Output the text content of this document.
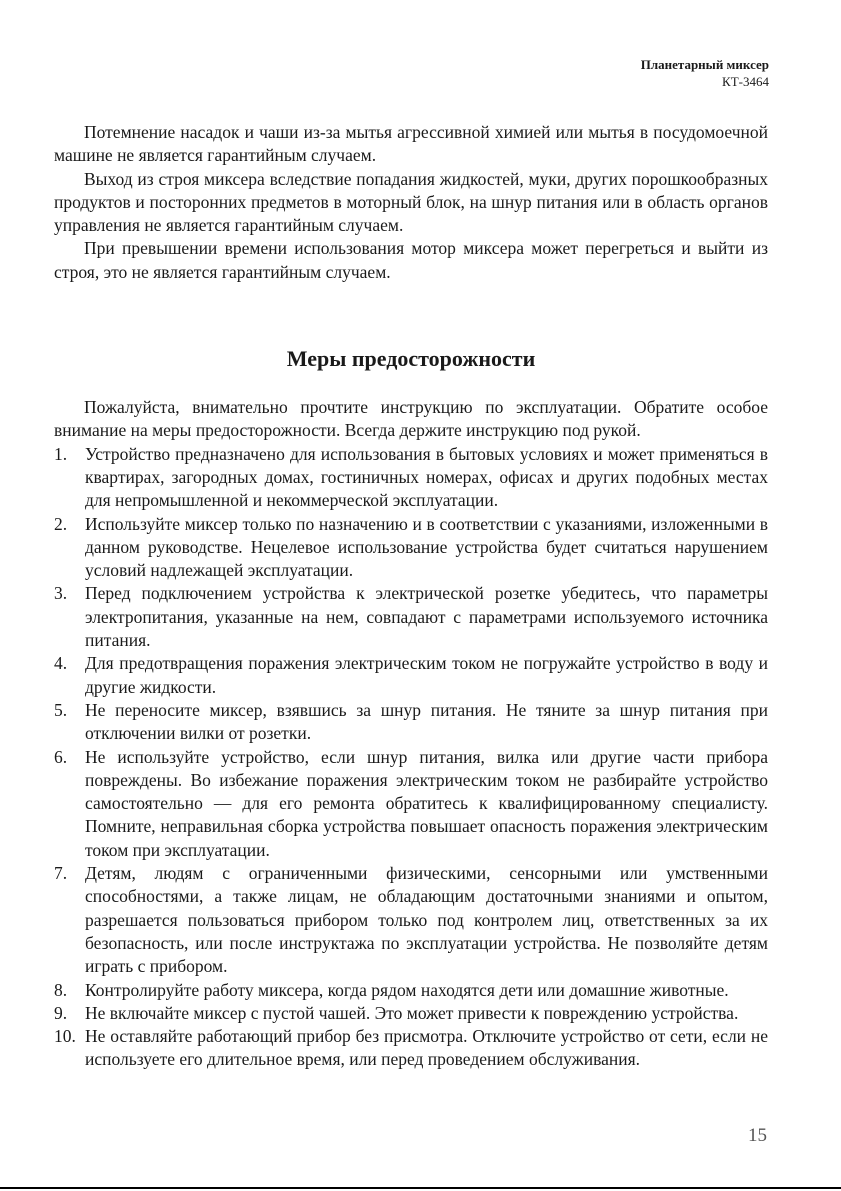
Планетарный миксер
КТ-3464

Потемнение насадок и чаши из-за мытья агрессивной химией или мытья в посудомоечной машине не является гарантийным случаем.

Выход из строя миксера вследствие попадания жидкостей, муки, других порошкообразных продуктов и посторонних предметов в моторный блок, на шнур питания или в область органов управления не является гарантийным случаем.

При превышении времени использования мотор миксера может перегреться и выйти из строя, это не является гарантийным случаем.

Меры предосторожности

Пожалуйста, внимательно прочтите инструкцию по эксплуатации. Обратите особое внимание на меры предосторожности. Всегда держите инструкцию под рукой.

1. Устройство предназначено для использования в бытовых условиях и может применяться в квартирах, загородных домах, гостиничных номерах, офисах и других подобных местах для непромышленной и некоммерческой эксплуатации.
2. Используйте миксер только по назначению и в соответствии с указаниями, изложенными в данном руководстве. Нецелевое использование устройства будет считаться нарушением условий надлежащей эксплуатации.
3. Перед подключением устройства к электрической розетке убедитесь, что параметры электропитания, указанные на нем, совпадают с параметрами используемого источника питания.
4. Для предотвращения поражения электрическим током не погружайте устройство в воду и другие жидкости.
5. Не переносите миксер, взявшись за шнур питания. Не тяните за шнур питания при отключении вилки от розетки.
6. Не используйте устройство, если шнур питания, вилка или другие части прибора повреждены. Во избежание поражения электрическим током не разбирайте устройство самостоятельно — для его ремонта обратитесь к квалифицированному специалисту. Помните, неправильная сборка устройства повышает опасность поражения электрическим током при эксплуатации.
7. Детям, людям с ограниченными физическими, сенсорными или умственными способностями, а также лицам, не обладающим достаточными знаниями и опытом, разрешается пользоваться прибором только под контролем лиц, ответственных за их безопасность, или после инструктажа по эксплуатации устройства. Не позволяйте детям играть с прибором.
8. Контролируйте работу миксера, когда рядом находятся дети или домашние животные.
9. Не включайте миксер с пустой чашей. Это может привести к повреждению устройства.
10. Не оставляйте работающий прибор без присмотра. Отключите устройство от сети, если не используете его длительное время, или перед проведением обслуживания.
15
